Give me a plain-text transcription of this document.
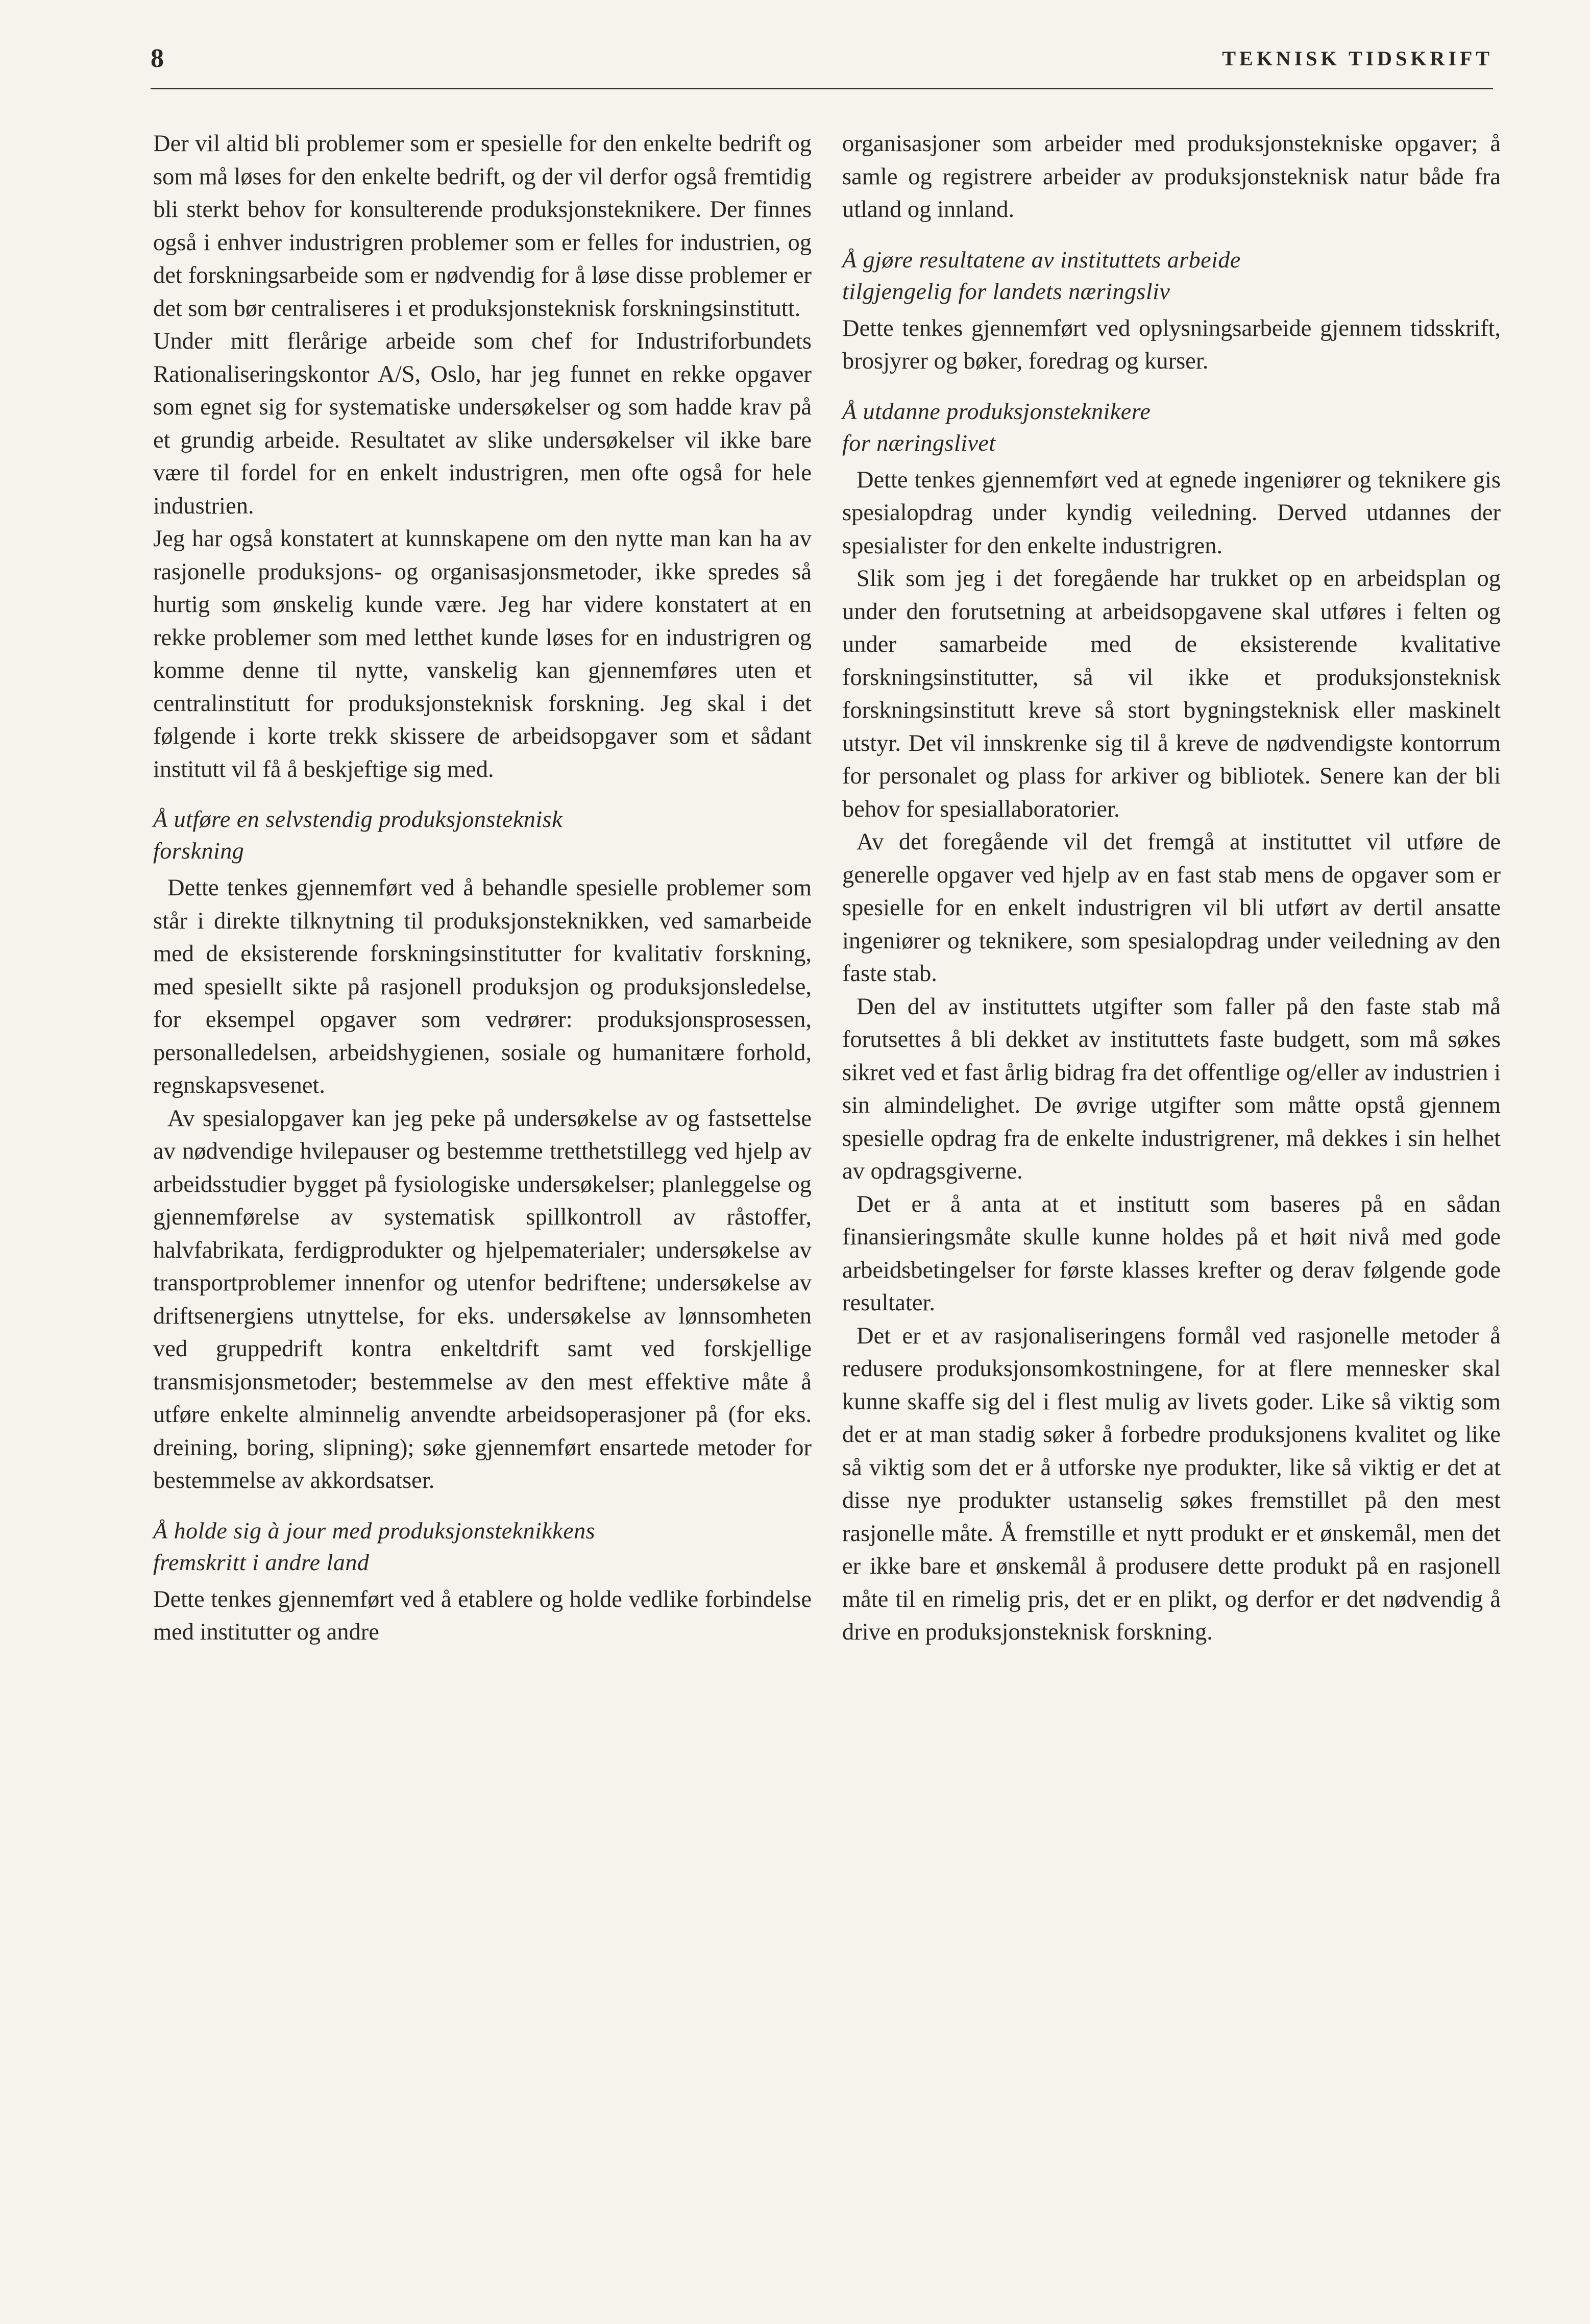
8	TEKNISK TIDSKRIFT

Der vil altid bli problemer som er spesielle for den enkelte bedrift og som må løses for den enkelte bedrift, og der vil derfor også fremtidig bli sterkt behov for konsulterende produksjonsteknikere. Der finnes også i enhver industrigren problemer som er felles for industrien, og det forskningsarbeide som er nødvendig for å løse disse problemer er det som bør centraliseres i et produksjonsteknisk forskningsinstitutt.

Under mitt flerårige arbeide som chef for Industriforbundets Rationaliseringskontor A/S, Oslo, har jeg funnet en rekke opgaver som egnet sig for systematiske undersøkelser og som hadde krav på et grundig arbeide. Resultatet av slike undersøkelser vil ikke bare være til fordel for en enkelt industrigren, men ofte også for hele industrien.

Jeg har også konstatert at kunnskapene om den nytte man kan ha av rasjonelle produksjons- og organisasjonsmetoder, ikke spredes så hurtig som ønskelig kunde være. Jeg har videre konstatert at en rekke problemer som med letthet kunde løses for en industrigren og komme denne til nytte, vanskelig kan gjennemføres uten et centralinstitutt for produksjonsteknisk forskning. Jeg skal i det følgende i korte trekk skissere de arbeidsopgaver som et sådant institutt vil få å beskjeftige sig med.

Å utføre en selvstendig produksjonsteknisk
forskning

Dette tenkes gjennemført ved å behandle spesielle problemer som står i direkte tilknytning til produksjonsteknikken, ved samarbeide med de eksisterende forskningsinstitutter for kvalitativ forskning, med spesiellt sikte på rasjonell produksjon og produksjonsledelse, for eksempel opgaver som vedrører: produksjonsprosessen, personalledelsen, arbeidshygienen, sosiale og humanitære forhold, regnskapsvesenet.

Av spesialopgaver kan jeg peke på undersøkelse av og fastsettelse av nødvendige hvilepauser og bestemme tretthetstillegg ved hjelp av arbeidsstudier bygget på fysiologiske undersøkelser; planleggelse og gjennemførelse av systematisk spillkontroll av råstoffer, halvfabrikata, ferdigprodukter og hjelpematerialer; undersøkelse av transportproblemer innenfor og utenfor bedriftene; undersøkelse av driftsenergiens utnyttelse, for eks. undersøkelse av lønnsomheten ved gruppedrift kontra enkeltdrift samt ved forskjellige transmisjonsmetoder; bestemmelse av den mest effektive måte å utføre enkelte alminnelig anvendte arbeidsoperasjoner på (for eks. dreining, boring, slipning); søke gjennemført ensartede metoder for bestemmelse av akkordsatser.

Å holde sig à jour med produksjonsteknikkens
fremskritt i andre land

Dette tenkes gjennemført ved å etablere og holde vedlike forbindelse med institutter og andre

organisasjoner som arbeider med produksjonstekniske opgaver; å samle og registrere arbeider av produksjonsteknisk natur både fra utland og innland.

Å gjøre resultatene av instituttets arbeide
tilgjengelig for landets næringsliv

Dette tenkes gjennemført ved oplysningsarbeide gjennem tidsskrift, brosjyrer og bøker, foredrag og kurser.

Å utdanne produksjonsteknikere
for næringslivet

Dette tenkes gjennemført ved at egnede ingeniører og teknikere gis spesialopdrag under kyndig veiledning. Derved utdannes der spesialister for den enkelte industrigren.

Slik som jeg i det foregående har trukket op en arbeidsplan og under den forutsetning at arbeidsopgavene skal utføres i felten og under samarbeide med de eksisterende kvalitative forskningsinstitutter, så vil ikke et produksjonsteknisk forskningsinstitutt kreve så stort bygningsteknisk eller maskinelt utstyr. Det vil innskrenke sig til å kreve de nødvendigste kontorrum for personalet og plass for arkiver og bibliotek. Senere kan der bli behov for spesiallaboratorier.

Av det foregående vil det fremgå at instituttet vil utføre de generelle opgaver ved hjelp av en fast stab mens de opgaver som er spesielle for en enkelt industrigren vil bli utført av dertil ansatte ingeniører og teknikere, som spesialopdrag under veiledning av den faste stab.

Den del av instituttets utgifter som faller på den faste stab må forutsettes å bli dekket av instituttets faste budgett, som må søkes sikret ved et fast årlig bidrag fra det offentlige og/eller av industrien i sin almindelighet. De øvrige utgifter som måtte opstå gjennem spesielle opdrag fra de enkelte industrigrener, må dekkes i sin helhet av opdragsgiverne.

Det er å anta at et institutt som baseres på en sådan finansieringsmåte skulle kunne holdes på et høit nivå med gode arbeidsbetingelser for første klasses krefter og derav følgende gode resultater.

Det er et av rasjonaliseringens formål ved rasjonelle metoder å redusere produksjonsomkostningene, for at flere mennesker skal kunne skaffe sig del i flest mulig av livets goder. Like så viktig som det er at man stadig søker å forbedre produksjonens kvalitet og like så viktig som det er å utforske nye produkter, like så viktig er det at disse nye produkter ustanselig søkes fremstillet på den mest rasjonelle måte. Å fremstille et nytt produkt er et ønskemål, men det er ikke bare et ønskemål å produsere dette produkt på en rasjonell måte til en rimelig pris, det er en plikt, og derfor er det nødvendig å drive en produksjonsteknisk forskning.
